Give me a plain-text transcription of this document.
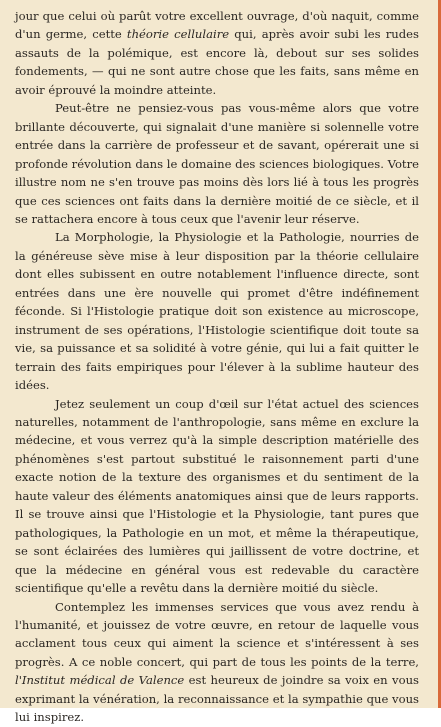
jour que celui où parût votre excellent ouvrage, d'où naquit, comme d'un germe, cette théorie cellulaire qui, après avoir subi les rudes assauts de la polémique, est encore là, debout sur ses solides fondements, — qui ne sont autre chose que les faits, sans même en avoir éprouvé la moindre atteinte.

Peut-être ne pensiez-vous pas vous-même alors que votre brillante découverte, qui signalait d'une manière si solennelle votre entrée dans la carrière de professeur et de savant, opérerait une si profonde révolution dans le domaine des sciences biologiques. Votre illustre nom ne s'en trouve pas moins dès lors lié à tous les progrès que ces sciences ont faits dans la dernière moitié de ce siècle, et il se rattachera encore à tous ceux que l'avenir leur réserve.

La Morphologie, la Physiologie et la Pathologie, nourries de la généreuse sève mise à leur disposition par la théorie cellulaire dont elles subissent en outre notablement l'influence directe, sont entrées dans une ère nouvelle qui promet d'être indéfinement féconde. Si l'Histologie pratique doit son existence au microscope, instrument de ses opérations, l'Histologie scientifique doit toute sa vie, sa puissance et sa solidité à votre génie, qui lui a fait quitter le terrain des faits empiriques pour l'élever à la sublime hauteur des idées.

Jetez seulement un coup d'œil sur l'état actuel des sciences naturelles, notamment de l'anthropologie, sans même en exclure la médecine, et vous verrez qu'à la simple description matérielle des phénomènes s'est partout substitué le raisonnement parti d'une exacte notion de la texture des organismes et du sentiment de la haute valeur des éléments anatomiques ainsi que de leurs rapports. Il se trouve ainsi que l'Histologie et la Physiologie, tant pures que pathologiques, la Pathologie en un mot, et même la thérapeutique, se sont éclairées des lumières qui jaillissent de votre doctrine, et que la médecine en général vous est redevable du caractère scientifique qu'elle a revêtu dans la dernière moitié du siècle.

Contemplez les immenses services que vous avez rendu à l'humanité, et jouissez de votre œuvre, en retour de laquelle vous acclament tous ceux qui aiment la science et s'intéressent à ses progrès. A ce noble concert, qui part de tous les points de la terre, l'Institut médical de Valence est heureux de joindre sa voix en vous exprimant la vénération, la reconnaissance et la sympathie que vous lui inspirez.
